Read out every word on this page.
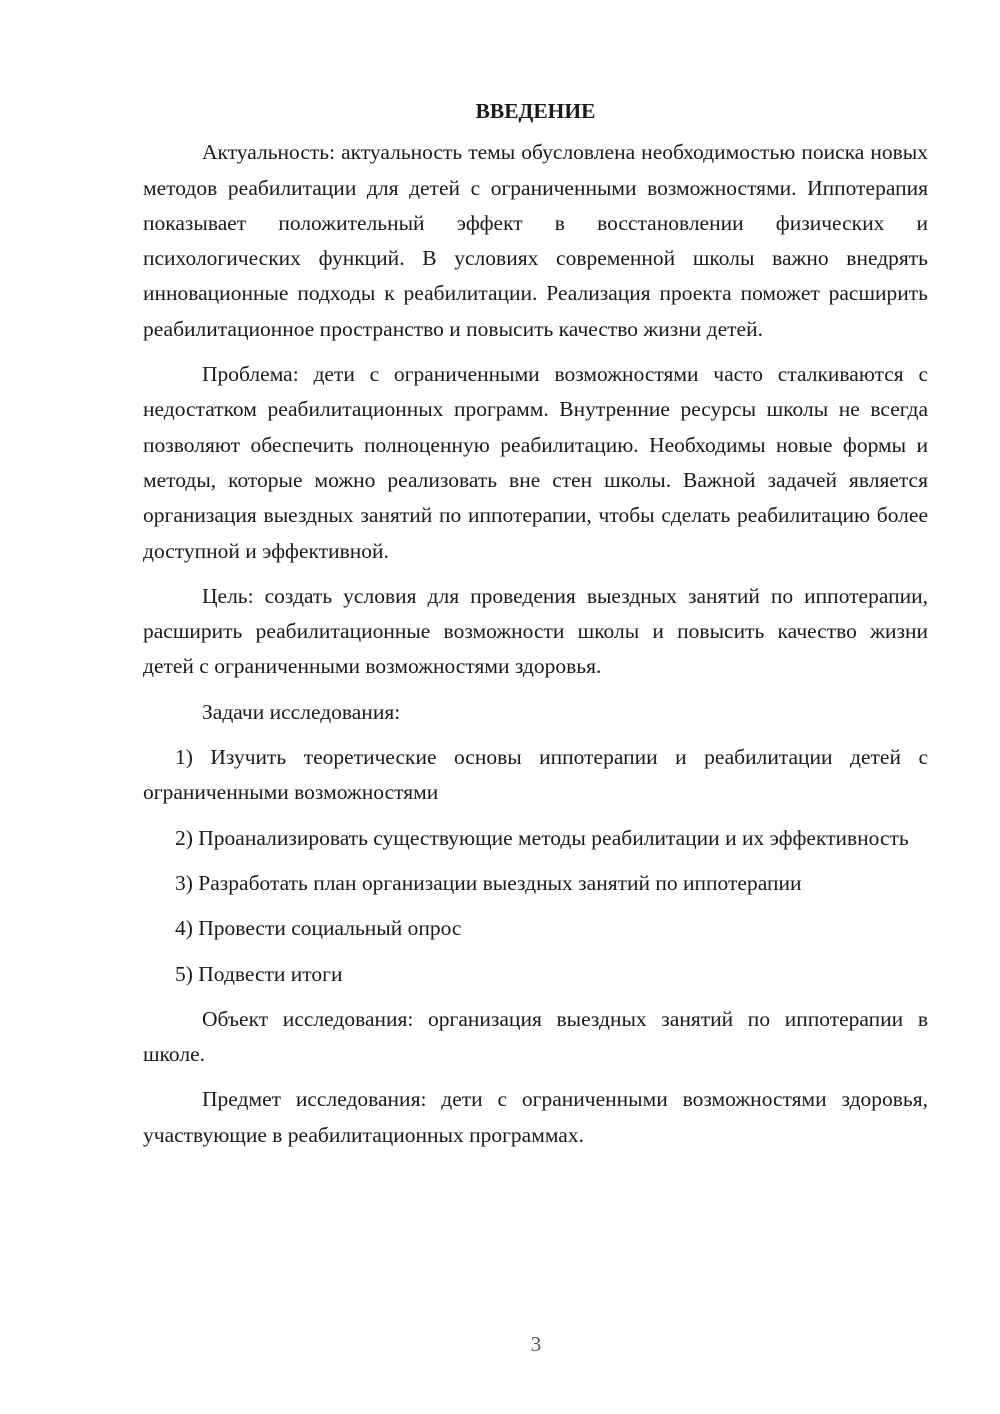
ВВЕДЕНИЕ

Актуальность: актуальность темы обусловлена необходимостью поиска новых методов реабилитации для детей с ограниченными возможностями. Иппотерапия показывает положительный эффект в восстановлении физических и психологических функций. В условиях современной школы важно внедрять инновационные подходы к реабилитации. Реализация проекта поможет расширить реабилитационное пространство и повысить качество жизни детей.

Проблема: дети с ограниченными возможностями часто сталкиваются с недостатком реабилитационных программ. Внутренние ресурсы школы не всегда позволяют обеспечить полноценную реабилитацию. Необходимы новые формы и методы, которые можно реализовать вне стен школы. Важной задачей является организация выездных занятий по иппотерапии, чтобы сделать реабилитацию более доступной и эффективной.

Цель: создать условия для проведения выездных занятий по иппотерапии, расширить реабилитационные возможности школы и повысить качество жизни детей с ограниченными возможностями здоровья.

Задачи исследования:

1) Изучить теоретические основы иппотерапии и реабилитации детей с ограниченными возможностями

2) Проанализировать существующие методы реабилитации и их эффективность

3) Разработать план организации выездных занятий по иппотерапии

4) Провести социальный опрос

5) Подвести итоги

Объект исследования: организация выездных занятий по иппотерапии в школе.

Предмет исследования: дети с ограниченными возможностями здоровья, участвующие в реабилитационных программах.

3
